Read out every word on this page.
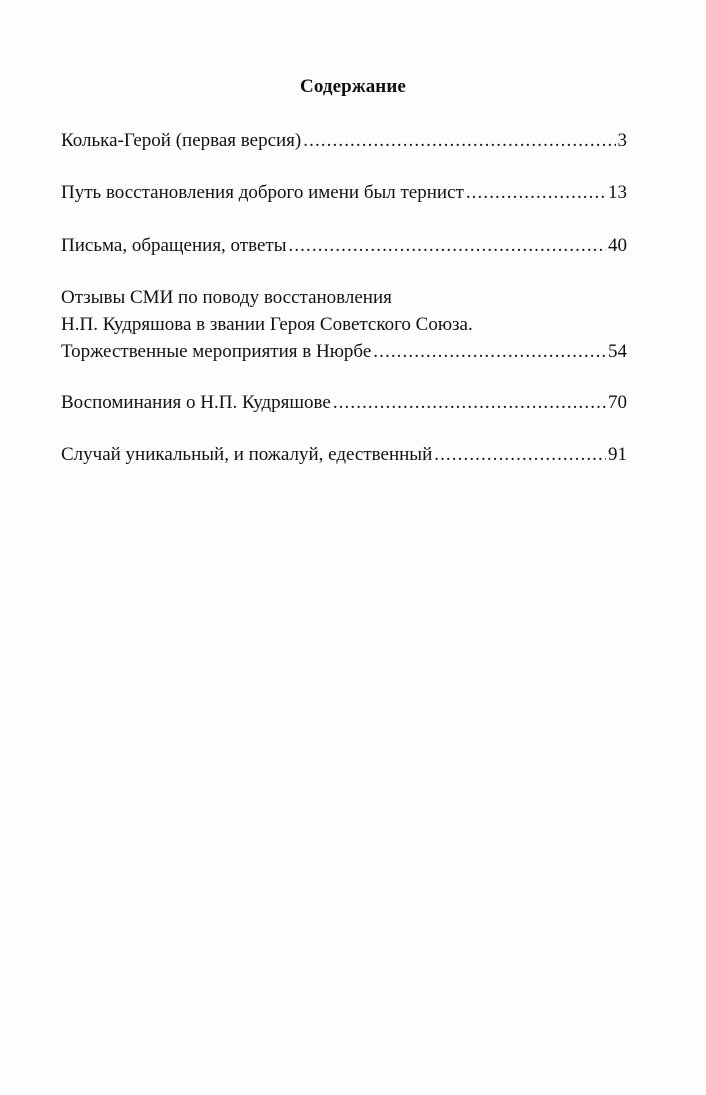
Содержание
Колька-Герой (первая версия) .....	3
Путь восстановления доброго имени был тернист .....	13
Письма, обращения, ответы .....	40
Отзывы СМИ по поводу восстановления
Н.П. Кудряшова в звании Героя Советского Союза.
Торжественные мероприятия в Нюрбе .....	54
Воспоминания о Н.П. Кудряшове .....	70
Случай уникальный, и пожалуй, едественный .....	91
